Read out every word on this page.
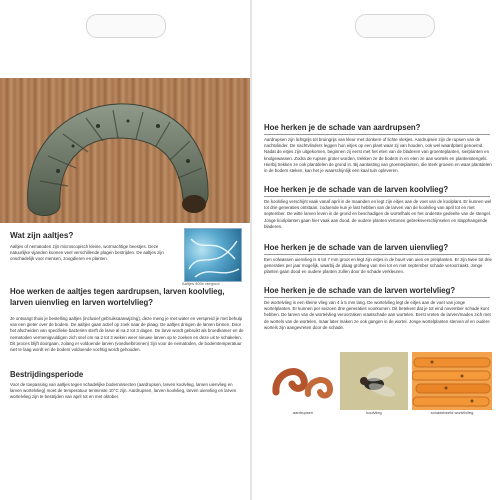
Aaltjes 400x vergroot
Wat zijn aaltjes?

Aaltjes of nematoden zijn microscopisch kleine, wormachtige beestjes. Deze natuurlijke vijanden kunnen veel verschillende plagen bestrijden. De aaltjes zijn onschadelijk voor mensen, zoogdieren en planten.

Hoe werken de aaltjes tegen aardrupsen, larven koolvlieg, larven uienvlieg en larven wortelvlieg?

Je ontvangt thuis je bestelling aaltjes (inclusief gebruiksaanwijzing), deze meng je met water en verspreid je met behulp van een gieter over de bodem. De aaltjes gaan actief op zoek naar de plaag. De aaltjes dringen de larven binnen. Door het afscheiden van specifieke bacteriën sterft de larve al na 2 tot 3 dagen. De larve wordt gebruikt als broedkamer en de nematoden vermenigvuldigen zich snel om na 2 tot 3 weken weer nieuwe larven op te zoeken en deze uit te schakelen. Dit proces blijft doorgaan, zolang er voldoende larven (voedselbronnen) zijn voor de nematoden, de bodemtemperatuur niet te laag wordt en de bodem voldoende vochtig wordt gehouden.

Bestrijdingsperiode

Voor de toepassing van aaltjes tegen schadelijke bodeminsecten (aardrupsen, larven koolvlieg, larven uienvlieg en larven wortelvlieg) moet de temperatuur tenminste 10°C zijn. Aardrupsen, larven koolvlieg, larven uienvlieg en larven wortelvlieg zijn te bestrijden van april tot en met oktober.

Hoe herken je de schade van aardrupsen?

Aardrupsen zijn lichtgrijs tot bruingrijs van kleur met donkere of lichte vlekjes. Aardrupsen zijn de rupsen van de nachtvlinder. De nachtvlinders leggen hun eitjes op een plant waar zij van houden, ook wel waardplant genoemd. Nadat de eitjes zijn uitgekomen, beginnen zij eerst met het eten van de bladeren van groenteplanten, sierplanten en knolgewassen. Zodra de rupsen groter worden, trekken ze de bodem in en eten ze aan wortels en plantenstengels. Hierbij trekken ze ook plantdelen de grond in. Bij aantasting van groenteplanten, die sterk groeien en waar plantdelen in de bodem steken, kan het je waarschijnlijk een kaal tuin opleveren.

Hoe herken je de schade van de larven koolvlieg?

De koolvlieg verschijnt vaak vanaf april in de maanden en legt zijn eitjes aan de voet van de koolplant. Er kunnen wel tot drie generaties ontstaan, zodoende kun je last hebben van de larven van de koolvlieg van april tot en met september. De witte larven leven in de grond en beschadigen de wortelhals en het onderste gedeelte van de stengel. Jonge koolplanten gaan hier vaak aan dood, de oudere planten vertonen gebreksverschijnselen en slapphangende bladeren.

Hoe herken je de schade van de larven uienvlieg?

Een volwassen uienvlieg is 6 tot 7 mm groot en legt zijn eitjes in de buurt van uien en preiplanten. Er zijn twee tot drie generaties per jaar mogelijk, waarbij de plaag grofweg van mei tot en met september schade veroorzaakt. Jonge planten gaan dood en oudere planten zullen door de schade verkleuren.

Hoe herken je de schade van de larven wortelvlieg?

De wortelvlieg is een kleine vlieg van 4 à 5 mm lang. De wortelvlieg legt de eitjes aan de voet van jonge wortelplanten. Er kunnen per seizoen drie generaties voorkomen. Dit betekent dat je tot eind november schade kunt hebben. De larven van de wortelvlieg veroorzaken vraatschade aan wortelen. Eerst vreten de larven/maden zich met de wortels van de wortelen, maar later maken ze ook gangen in de wortel. Jonge wortelplanten sterven af en oudere wortels zijn aangevreten door de schade.

aardrupsen	koolvlieg	schadebeeld wortelvlieg
